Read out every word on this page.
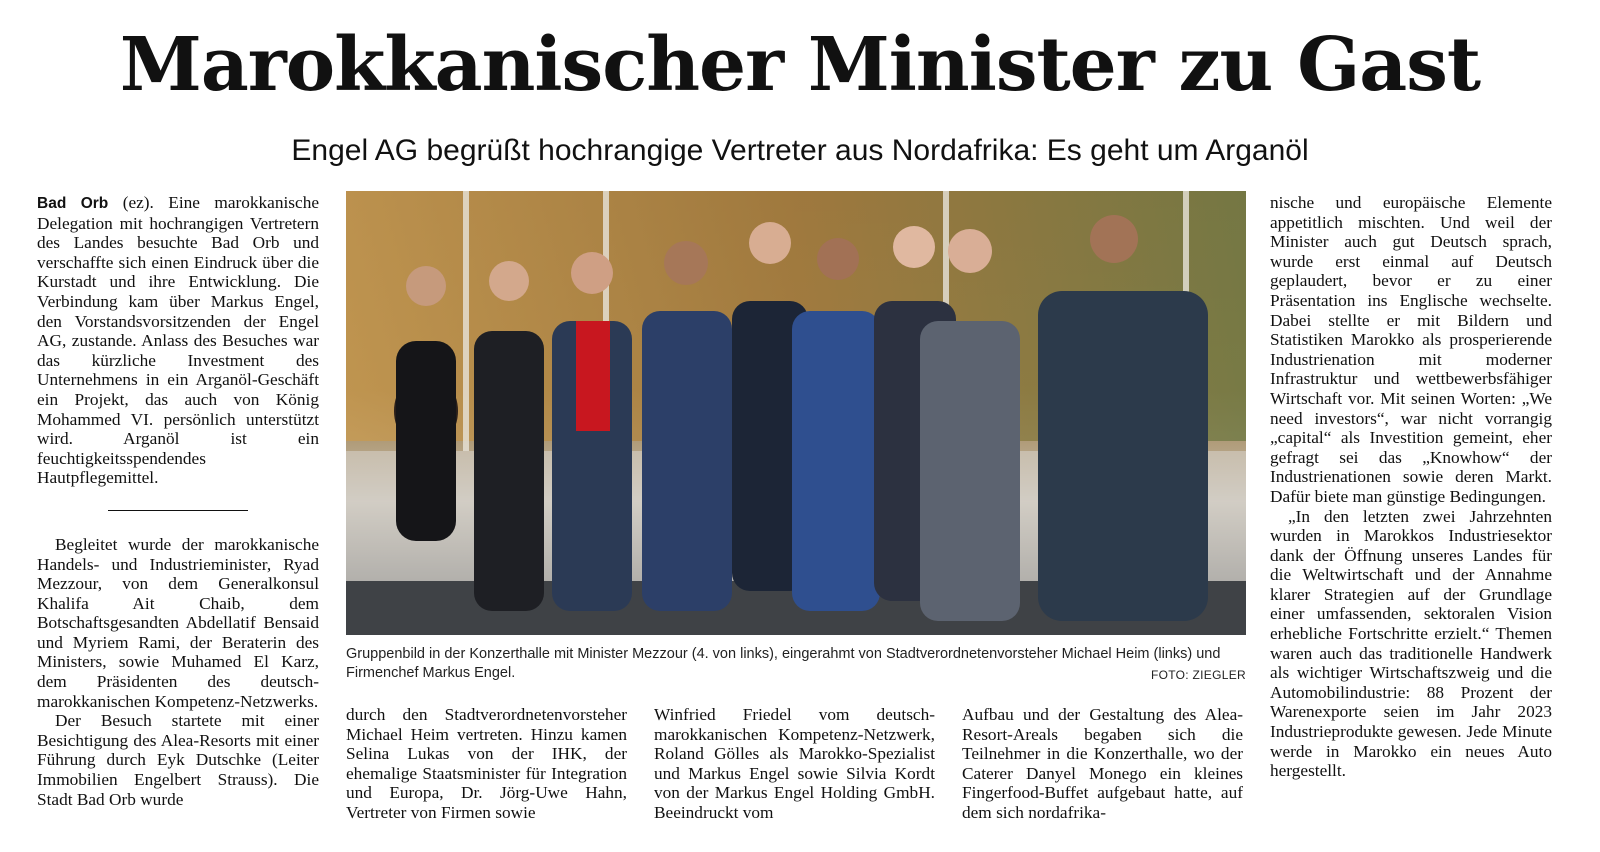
Marokkanischer Minister zu Gast
Engel AG begrüßt hochrangige Vertreter aus Nordafrika: Es geht um Arganöl

Bad Orb (ez). Eine marokkanische Delegation mit hochrangigen Vertretern des Landes besuchte Bad Orb und verschaffte sich einen Eindruck über die Kurstadt und ihre Entwicklung. Die Verbindung kam über Markus Engel, den Vorstandsvorsitzenden der Engel AG, zustande. Anlass des Besuches war das kürzliche Investment des Unternehmens in ein Arganöl-Geschäft ein Projekt, das auch von König Mohammed VI. persönlich unterstützt wird. Arganöl ist ein feuchtigkeitsspendendes Hautpflegemittel.

Begleitet wurde der marokkanische Handels- und Industrieminister, Ryad Mezzour, von dem Generalkonsul Khalifa Ait Chaib, dem Botschaftsgesandten Abdellatif Bensaid und Myriem Rami, der Beraterin des Ministers, sowie Muhamed El Karz, dem Präsidenten des deutsch-marokkanischen Kompetenz-Netzwerks.

Der Besuch startete mit einer Besichtigung des Alea-Resorts mit einer Führung durch Eyk Dutschke (Leiter Immobilien Engelbert Strauss). Die Stadt Bad Orb wurde

Gruppenbild in der Konzerthalle mit Minister Mezzour (4. von links), eingerahmt von Stadtverordnetenvorsteher Michael Heim (links) und Firmenchef Markus Engel.	FOTO: ZIEGLER

durch den Stadtverordnetenvorsteher Michael Heim vertreten. Hinzu kamen Selina Lukas von der IHK, der ehemalige Staatsminister für Integration und Europa, Dr. Jörg-Uwe Hahn, Vertreter von Firmen sowie

Winfried Friedel vom deutsch-marokkanischen Kompetenz-Netzwerk, Roland Gölles als Marokko-Spezialist und Markus Engel sowie Silvia Kordt von der Markus Engel Holding GmbH. Beeindruckt vom

Aufbau und der Gestaltung des Alea-Resort-Areals begaben sich die Teilnehmer in die Konzerthalle, wo der Caterer Danyel Monego ein kleines Fingerfood-Buffet aufgebaut hatte, auf dem sich nordafrika-

nische und europäische Elemente appetitlich mischten. Und weil der Minister auch gut Deutsch sprach, wurde erst einmal auf Deutsch geplaudert, bevor er zu einer Präsentation ins Englische wechselte. Dabei stellte er mit Bildern und Statistiken Marokko als prosperierende Industrienation mit moderner Infrastruktur und wettbewerbsfähiger Wirtschaft vor. Mit seinen Worten: „We need investors“, war nicht vorrangig „capital“ als Investition gemeint, eher gefragt sei das „Knowhow“ der Industrienationen sowie deren Markt. Dafür biete man günstige Bedingungen.

„In den letzten zwei Jahrzehnten wurden in Marokkos Industriesektor dank der Öffnung unseres Landes für die Weltwirtschaft und der Annahme klarer Strategien auf der Grundlage einer umfassenden, sektoralen Vision erhebliche Fortschritte erzielt.“ Themen waren auch das traditionelle Handwerk als wichtiger Wirtschaftszweig und die Automobilindustrie: 88 Prozent der Warenexporte seien im Jahr 2023 Industrieprodukte gewesen. Jede Minute werde in Marokko ein neues Auto hergestellt.
